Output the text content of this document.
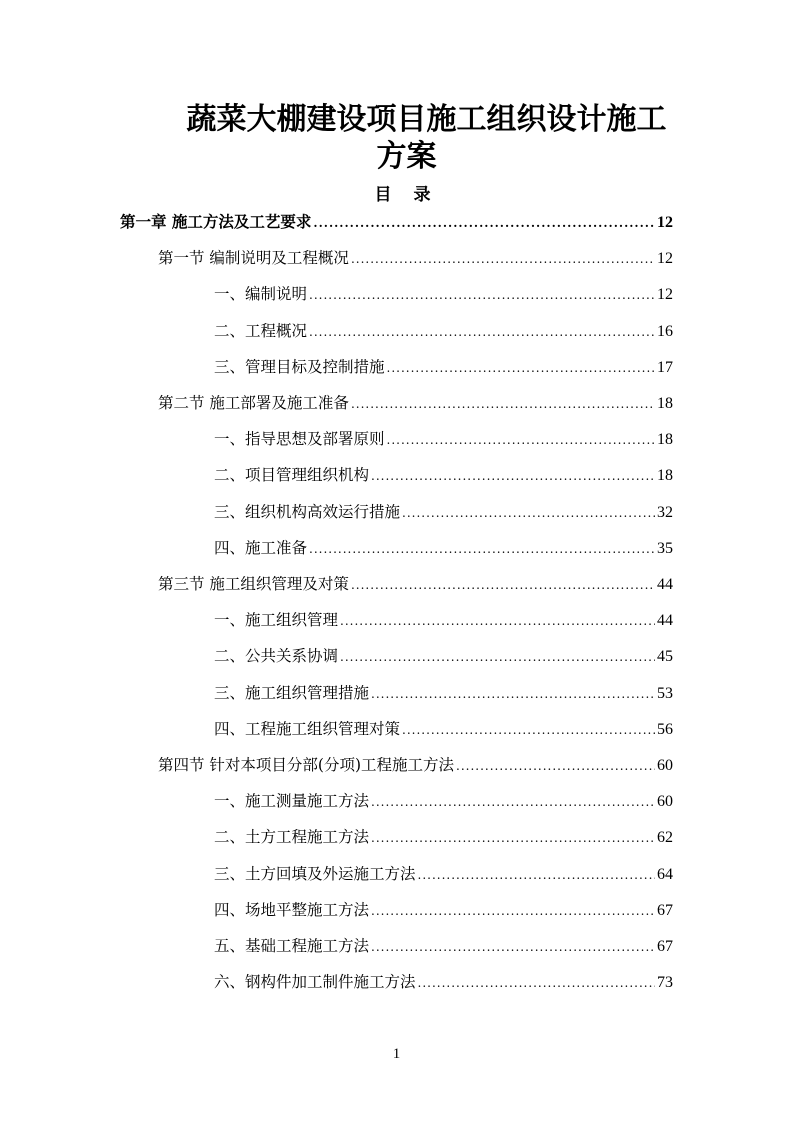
蔬菜大棚建设项目施工组织设计施工
方案
目 录
第一章 施工方法及工艺要求 .....	12
第一节 编制说明及工程概况 .....	12
一、编制说明 .....	12
二、工程概况 .....	16
三、管理目标及控制措施 .....	17
第二节 施工部署及施工准备 .....	18
一、指导思想及部署原则 .....	18
二、项目管理组织机构 .....	18
三、组织机构高效运行措施 .....	32
四、施工准备 .....	35
第三节 施工组织管理及对策 .....	44
一、施工组织管理 .....	44
二、公共关系协调 .....	45
三、施工组织管理措施 .....	53
四、工程施工组织管理对策 .....	56
第四节 针对本项目分部(分项)工程施工方法 .....	60
一、施工测量施工方法 .....	60
二、土方工程施工方法 .....	62
三、土方回填及外运施工方法 .....	64
四、场地平整施工方法 .....	67
五、基础工程施工方法 .....	67
六、钢构件加工制件施工方法 .....	73
1
